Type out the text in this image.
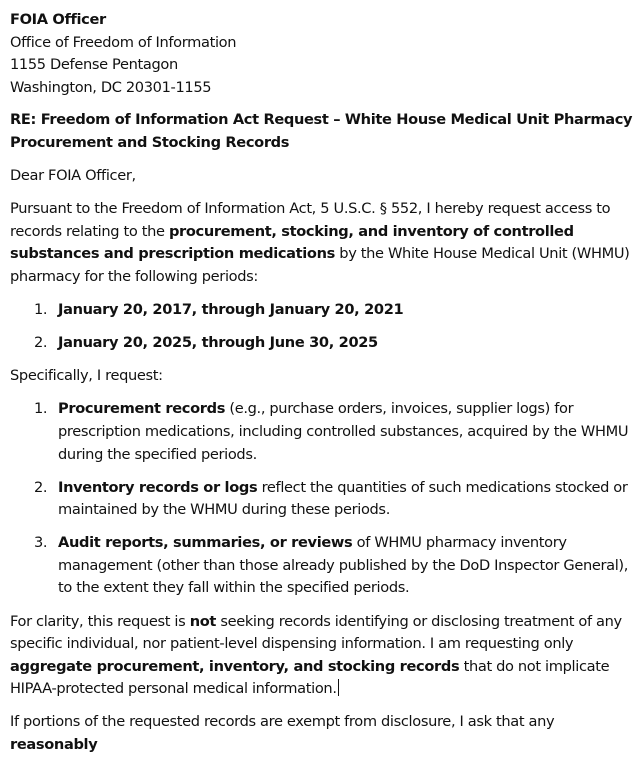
FOIA Officer
Office of Freedom of Information
1155 Defense Pentagon
Washington, DC 20301-1155

RE: Freedom of Information Act Request – White House Medical Unit Pharmacy Procurement and Stocking Records

Dear FOIA Officer,

Pursuant to the Freedom of Information Act, 5 U.S.C. § 552, I hereby request access to records relating to the procurement, stocking, and inventory of controlled substances and prescription medications by the White House Medical Unit (WHMU) pharmacy for the following periods:

1. January 20, 2017, through January 20, 2021
2. January 20, 2025, through June 30, 2025

Specifically, I request:

1. Procurement records (e.g., purchase orders, invoices, supplier logs) for prescription medications, including controlled substances, acquired by the WHMU during the specified periods.
2. Inventory records or logs reflect the quantities of such medications stocked or maintained by the WHMU during these periods.
3. Audit reports, summaries, or reviews of WHMU pharmacy inventory management (other than those already published by the DoD Inspector General), to the extent they fall within the specified periods.

For clarity, this request is not seeking records identifying or disclosing treatment of any specific individual, nor patient-level dispensing information. I am requesting only aggregate procurement, inventory, and stocking records that do not implicate HIPAA-protected personal medical information.

If portions of the requested records are exempt from disclosure, I ask that any reasonably
